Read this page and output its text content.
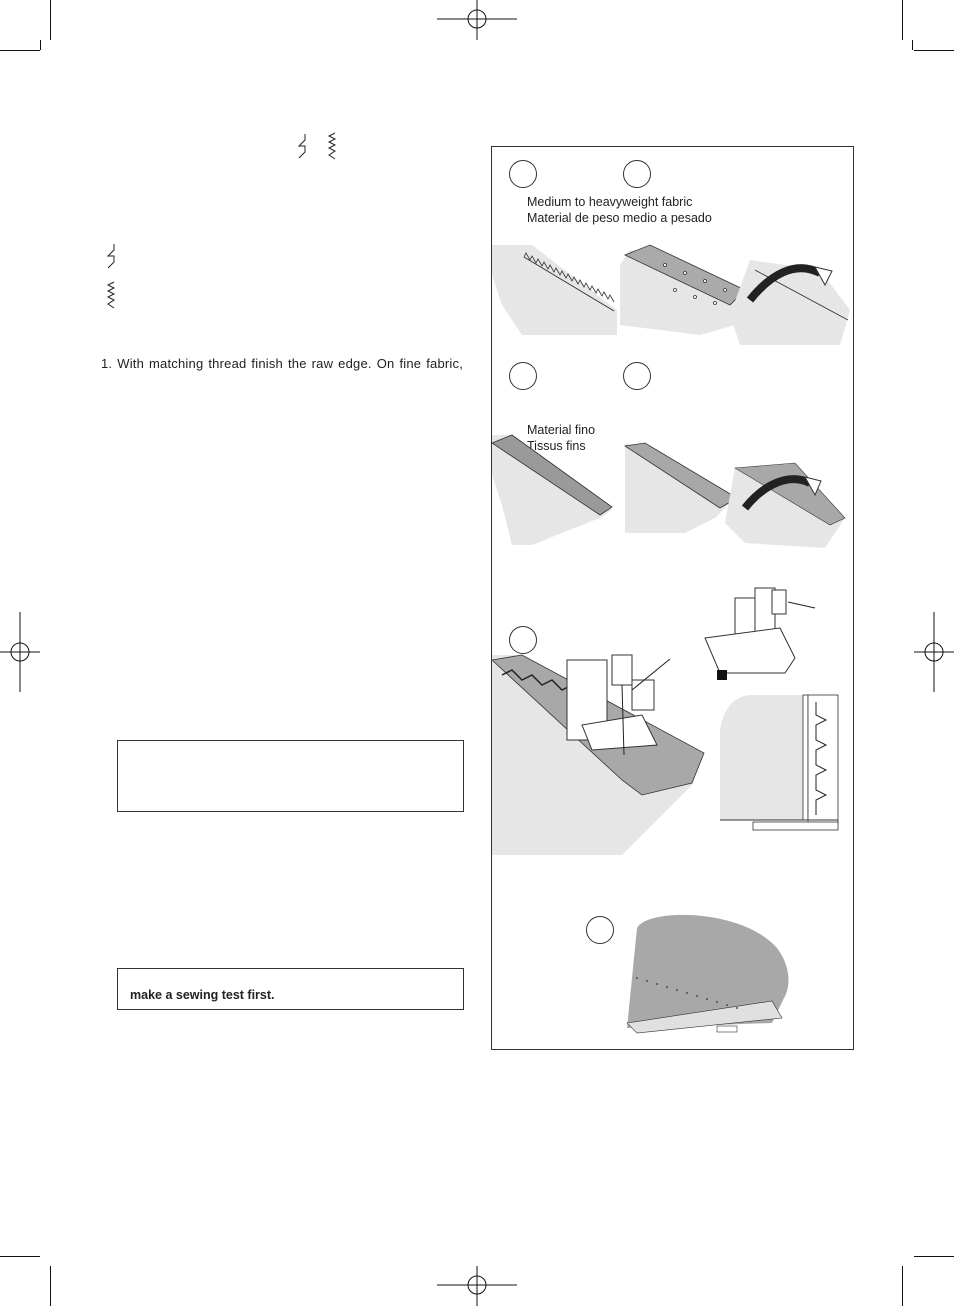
1. With matching thread finish the raw edge. On fine fabric,
make a sewing test first.
Medium to heavyweight fabric
Material de peso medio a pesado
Material fino
Tissus fins
